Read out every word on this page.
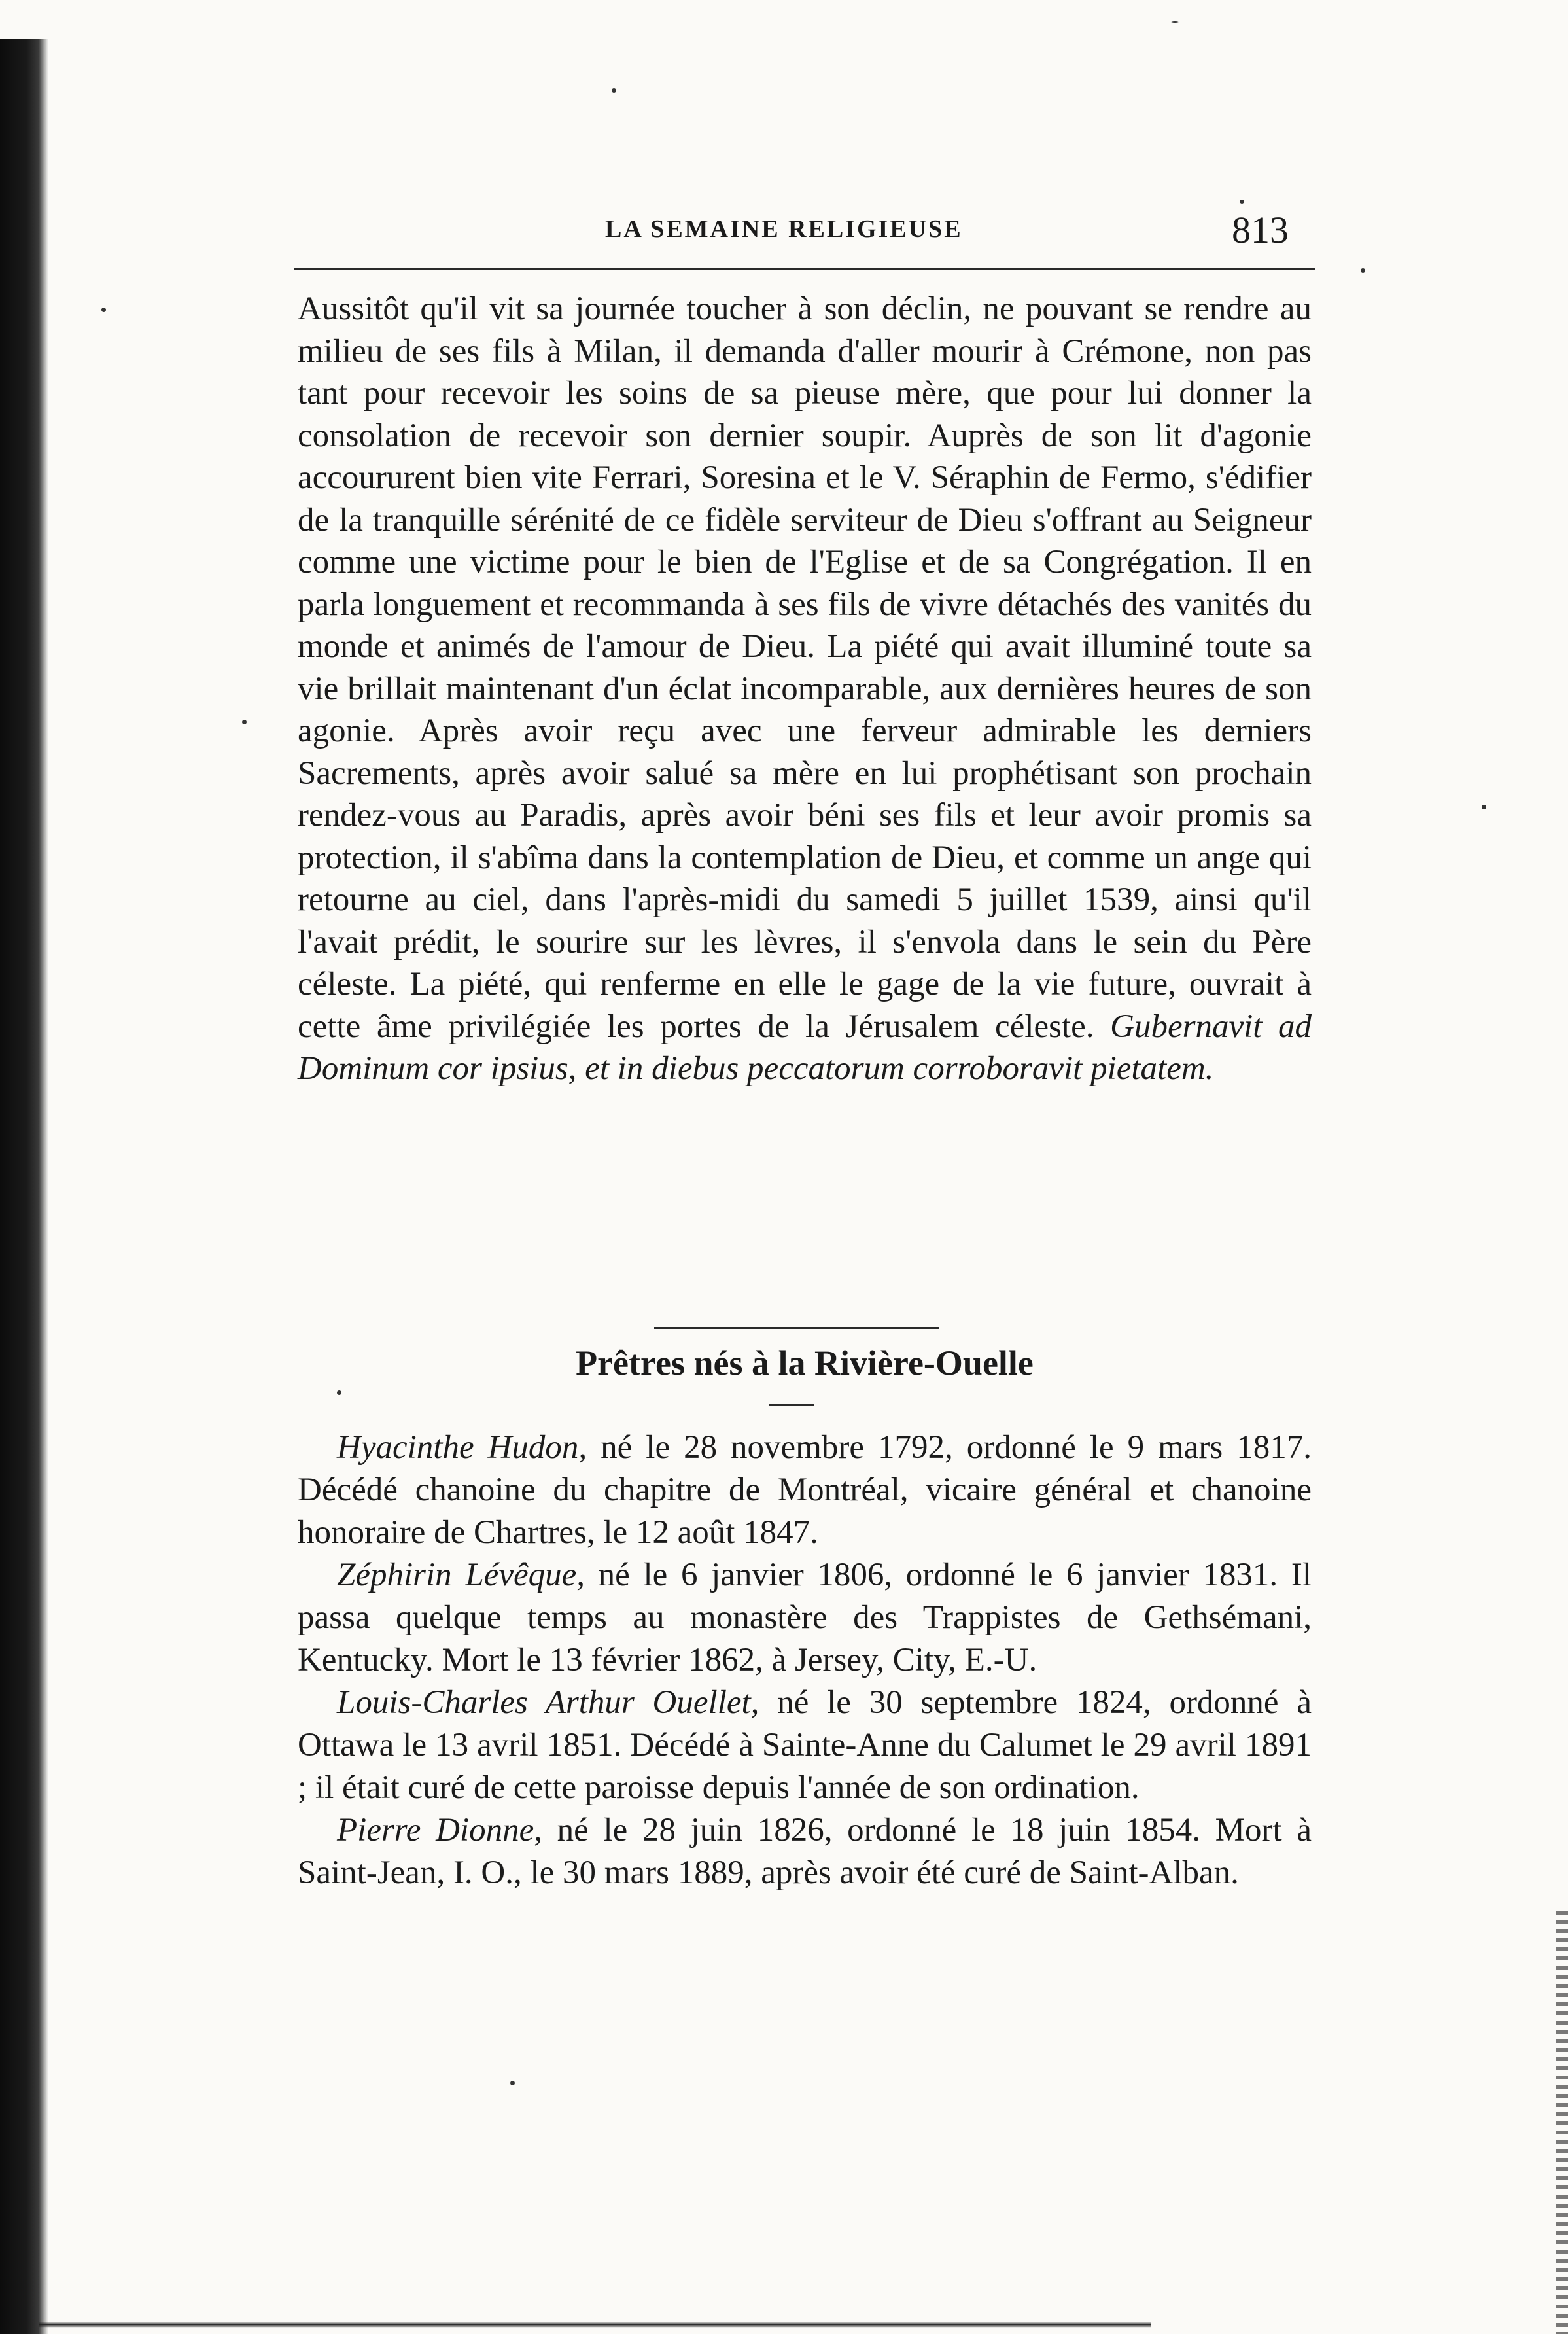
LA SEMAINE RELIGIEUSE	813

Aussitôt qu'il vit sa journée toucher à son déclin, ne pouvant se rendre au milieu de ses fils à Milan, il demanda d'aller mourir à Crémone, non pas tant pour recevoir les soins de sa pieuse mère, que pour lui donner la consolation de recevoir son dernier soupir. Auprès de son lit d'agonie accoururent bien vite Ferrari, Soresina et le V. Séraphin de Fermo, s'édifier de la tranquille sérénité de ce fidèle serviteur de Dieu s'offrant au Seigneur comme une victime pour le bien de l'Eglise et de sa Congrégation. Il en parla longuement et recommanda à ses fils de vivre détachés des vanités du monde et animés de l'amour de Dieu. La piété qui avait illuminé toute sa vie brillait maintenant d'un éclat incomparable, aux dernières heures de son agonie. Après avoir reçu avec une ferveur admirable les derniers Sacrements, après avoir salué sa mère en lui prophétisant son prochain rendez-vous au Paradis, après avoir béni ses fils et leur avoir promis sa protection, il s'abîma dans la contemplation de Dieu, et comme un ange qui retourne au ciel, dans l'après-midi du samedi 5 juillet 1539, ainsi qu'il l'avait prédit, le sourire sur les lèvres, il s'envola dans le sein du Père céleste. La piété, qui renferme en elle le gage de la vie future, ouvrait à cette âme privilégiée les portes de la Jérusalem céleste. Gubernavit ad Dominum cor ipsius, et in diebus peccatorum corroboravit pietatem.

Prêtres nés à la Rivière-Ouelle

Hyacinthe Hudon, né le 28 novembre 1792, ordonné le 9 mars 1817. Décédé chanoine du chapitre de Montréal, vicaire général et chanoine honoraire de Chartres, le 12 août 1847.

Zéphirin Lévêque, né le 6 janvier 1806, ordonné le 6 janvier 1831. Il passa quelque temps au monastère des Trappistes de Gethsémani, Kentucky. Mort le 13 février 1862, à Jersey, City, E.-U.

Louis-Charles Arthur Ouellet, né le 30 septembre 1824, ordonné à Ottawa le 13 avril 1851. Décédé à Sainte-Anne du Calumet le 29 avril 1891 ; il était curé de cette paroisse depuis l'année de son ordination.

Pierre Dionne, né le 28 juin 1826, ordonné le 18 juin 1854. Mort à Saint-Jean, I. O., le 30 mars 1889, après avoir été curé de Saint-Alban.
